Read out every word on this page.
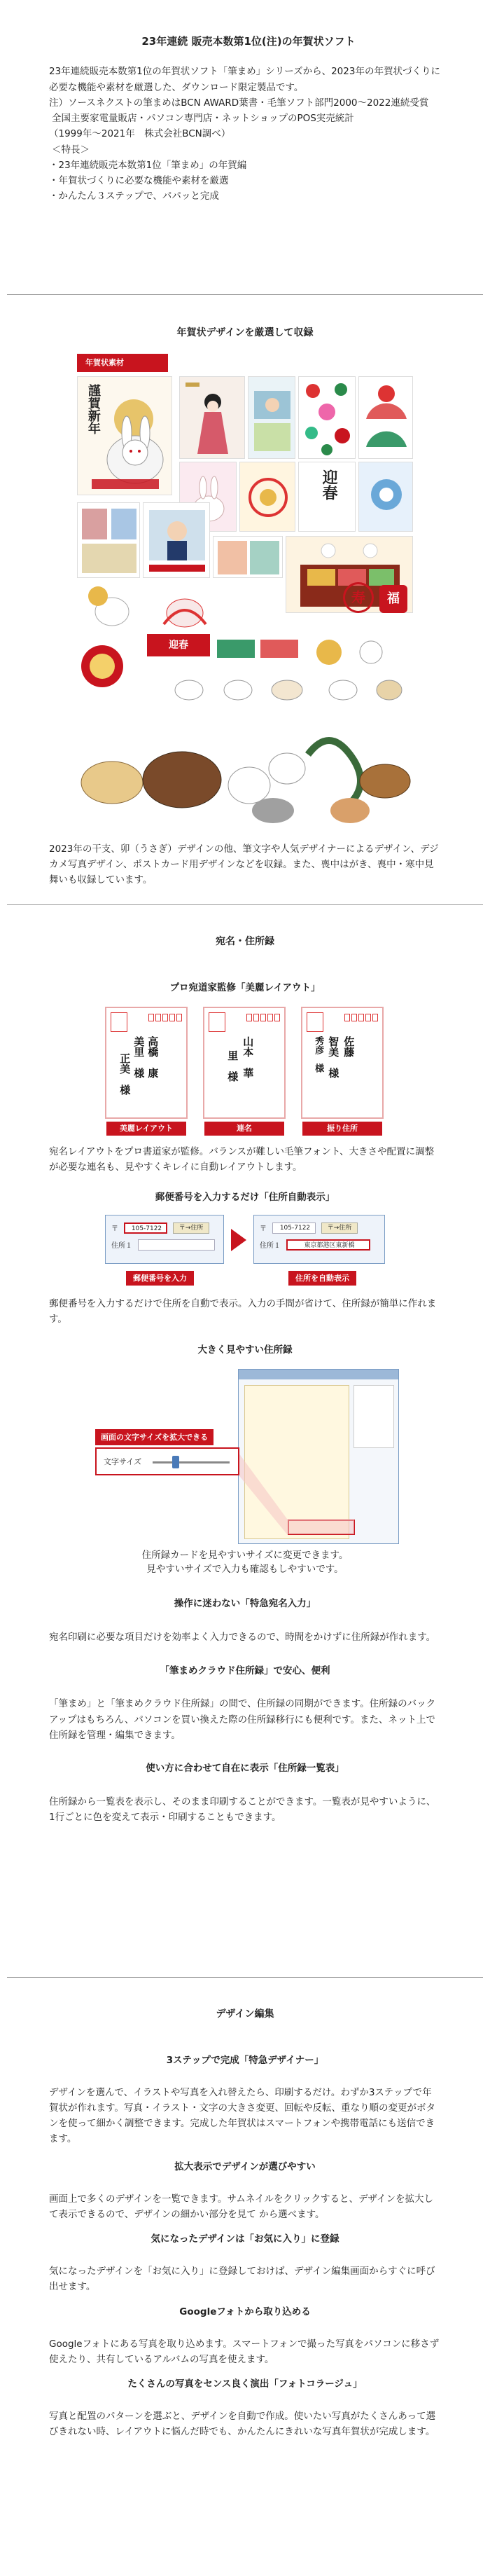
23年連続 販売本数第1位(注)の年賀状ソフト

23年連続販売本数第1位の年賀状ソフト「筆まめ」シリーズから、2023年の年賀状づくりに必要な機能や素材を厳選した、ダウンロード限定製品です。

注）ソースネクストの筆まめはBCN AWARD葉書・毛筆ソフト部門2000～2022連続受賞

全国主要家電量販店・パソコン専門店・ネットショップのPOS実売統計

（1999年～2021年　株式会社BCN調べ）

＜特長＞

・23年連続販売本数第1位「筆まめ」の年賀編
・年賀状づくりに必要な機能や素材を厳選
・かんたん３ステップで、パパッと完成
年賀状デザインを厳選して収録
年賀状素材
謹賀新年
迎春
寿	福
迎春

2023年の干支、卯（うさぎ）デザインの他、筆文字や人気デザイナーによるデザイン、デジカメ写真デザイン、ポストカード用デザインなどを収録。また、喪中はがき、喪中・寒中見舞いも収録しています。

宛名・住所録
プロ宛道家監修「美麗レイアウト」
高橋　康
美里　様
正美　様
美麗レイアウト
山本　華
里　様
連名
佐藤
智美　様
秀彦　様
振り住所

宛名レイアウトをプロ書道家が監修。バランスが難しい毛筆フォント、大きさや配置に調整が必要な連名も、見やすくキレイに自動レイアウトします。

郵便番号を入力するだけ「住所自動表示」
〒	105-7122	〒→住所
住所１
〒	105-7122	〒→住所
住所１	東京都港区東新橋
郵便番号を入力	住所を自動表示

郵便番号を入力するだけで住所を自動で表示。入力の手間が省けて、住所録が簡単に作れます。

大きく見やすい住所録
画面の文字サイズを拡大できる
文字サイズ

住所録カードを見やすいサイズに変更できます。

見やすいサイズで入力も確認もしやすいです。

操作に迷わない「特急宛名入力」

宛名印刷に必要な項目だけを効率よく入力できるので、時間をかけずに住所録が作れます。

「筆まめクラウド住所録」で安心、便利

「筆まめ」と「筆まめクラウド住所録」の間で、住所録の同期ができます。住所録のバックアップはもちろん、パソコンを買い換えた際の住所録移行にも便利です。また、ネット上で住所録を管理・編集できます。

使い方に合わせて自在に表示「住所録一覧表」

住所録から一覧表を表示し、そのまま印刷することができます。一覧表が見やすいように、1行ごとに色を変えて表示・印刷することもできます。

デザイン編集
3ステップで完成「特急デザイナー」

デザインを選んで、イラストや写真を入れ替えたら、印刷するだけ。わずか3ステップで年賀状が作れます。写真・イラスト・文字の大きさ変更、回転や反転、重なり順の変更がボタンを使って細かく調整できます。完成した年賀状はスマートフォンや携帯電話にも送信できます。

拡大表示でデザインが選びやすい

画面上で多くのデザインを一覧できます。サムネイルをクリックすると、デザインを拡大して表示できるので、デザインの細かい部分を見て から選べます。

気になったデザインは「お気に入り」に登録

気になったデザインを「お気に入り」に登録しておけば、デザイン編集画面からすぐに呼び出せます。

Googleフォトから取り込める

Googleフォトにある写真を取り込めます。スマートフォンで撮った写真をパソコンに移さず使えたり、共有しているアルバムの写真を使えます。

たくさんの写真をセンス良く演出「フォトコラージュ」

写真と配置のパターンを選ぶと、デザインを自動で作成。使いたい写真がたくさんあって選びきれない時、レイアウトに悩んだ時でも、かんたんにきれいな写真年賀状が完成します。
